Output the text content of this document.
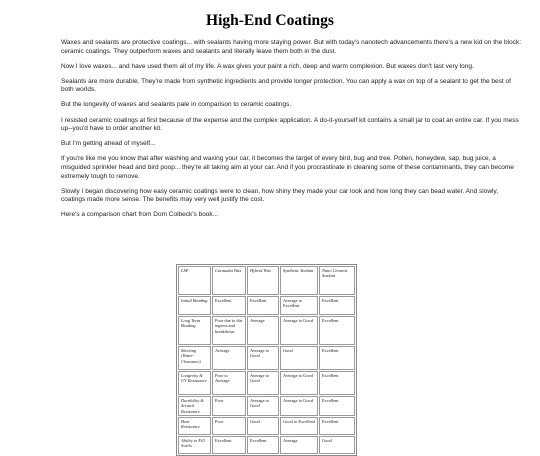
High-End Coatings

Waxes and sealants are protective coatings... with sealants having more staying power. But with today's nanotech advancements there's a new kid on the block: ceramic coatings. They outperform waxes and sealants and literally leave them both in the dust.

Now I love waxes... and have used them all of my life. A wax gives your paint a rich, deep and warm complexion. But waxes don't last very long.

Sealants are more durable. They're made from synthetic ingredients and provide longer protection. You can apply a wax on top of a sealant to get the best of both worlds.

But the longevity of waxes and sealants pale in comparison to ceramic coatings.

I resisted ceramic coatings at first because of the expense and the complex application. A do-it-yourself kit contains a small jar to coat an entire car. If you mess up--you'd have to order another kit.

But I'm getting ahead of myself...

If you're like me you know that after washing and waxing your car, it becomes the target of every bird, bug and tree. Pollen, honeydew, sap, bug juice, a misguided sprinkler head and bird poop... they're all taking aim at your car. And if you procrastinate in cleaning some of these contaminants, they can become extremely tough to remove.

Slowly I began discovering how easy ceramic coatings were to clean, how shiny they made your car look and how long they can bead water. And slowly, coatings made more sense. The benefits may very well justify the cost.

Here's a comparison chart from Dom Colbeck's book...

LSP	Carnauba Wax	Hybrid Wax	Synthetic Sealant	Nano Ceramic Sealant
Initial Beading	Excellent	Excellent	Average to Excellent	Excellent
Long Term Beading	Poor due to dirt ingress and breakdown	Average	Average to Good	Excellent
Sheeting (Water-Clearance)	Average	Average to Good	Good	Excellent
Longevity & UV Resistance	Poor to Average	Average to Good	Average to Good	Excellent
Durability & Scratch Resistance	Poor	Average to Good	Average to Good	Excellent
Heat Resistance	Poor	Good	Good to Excellent	Excellent
Ability to Fill Swirls	Excellent	Excellent	Average	Good
